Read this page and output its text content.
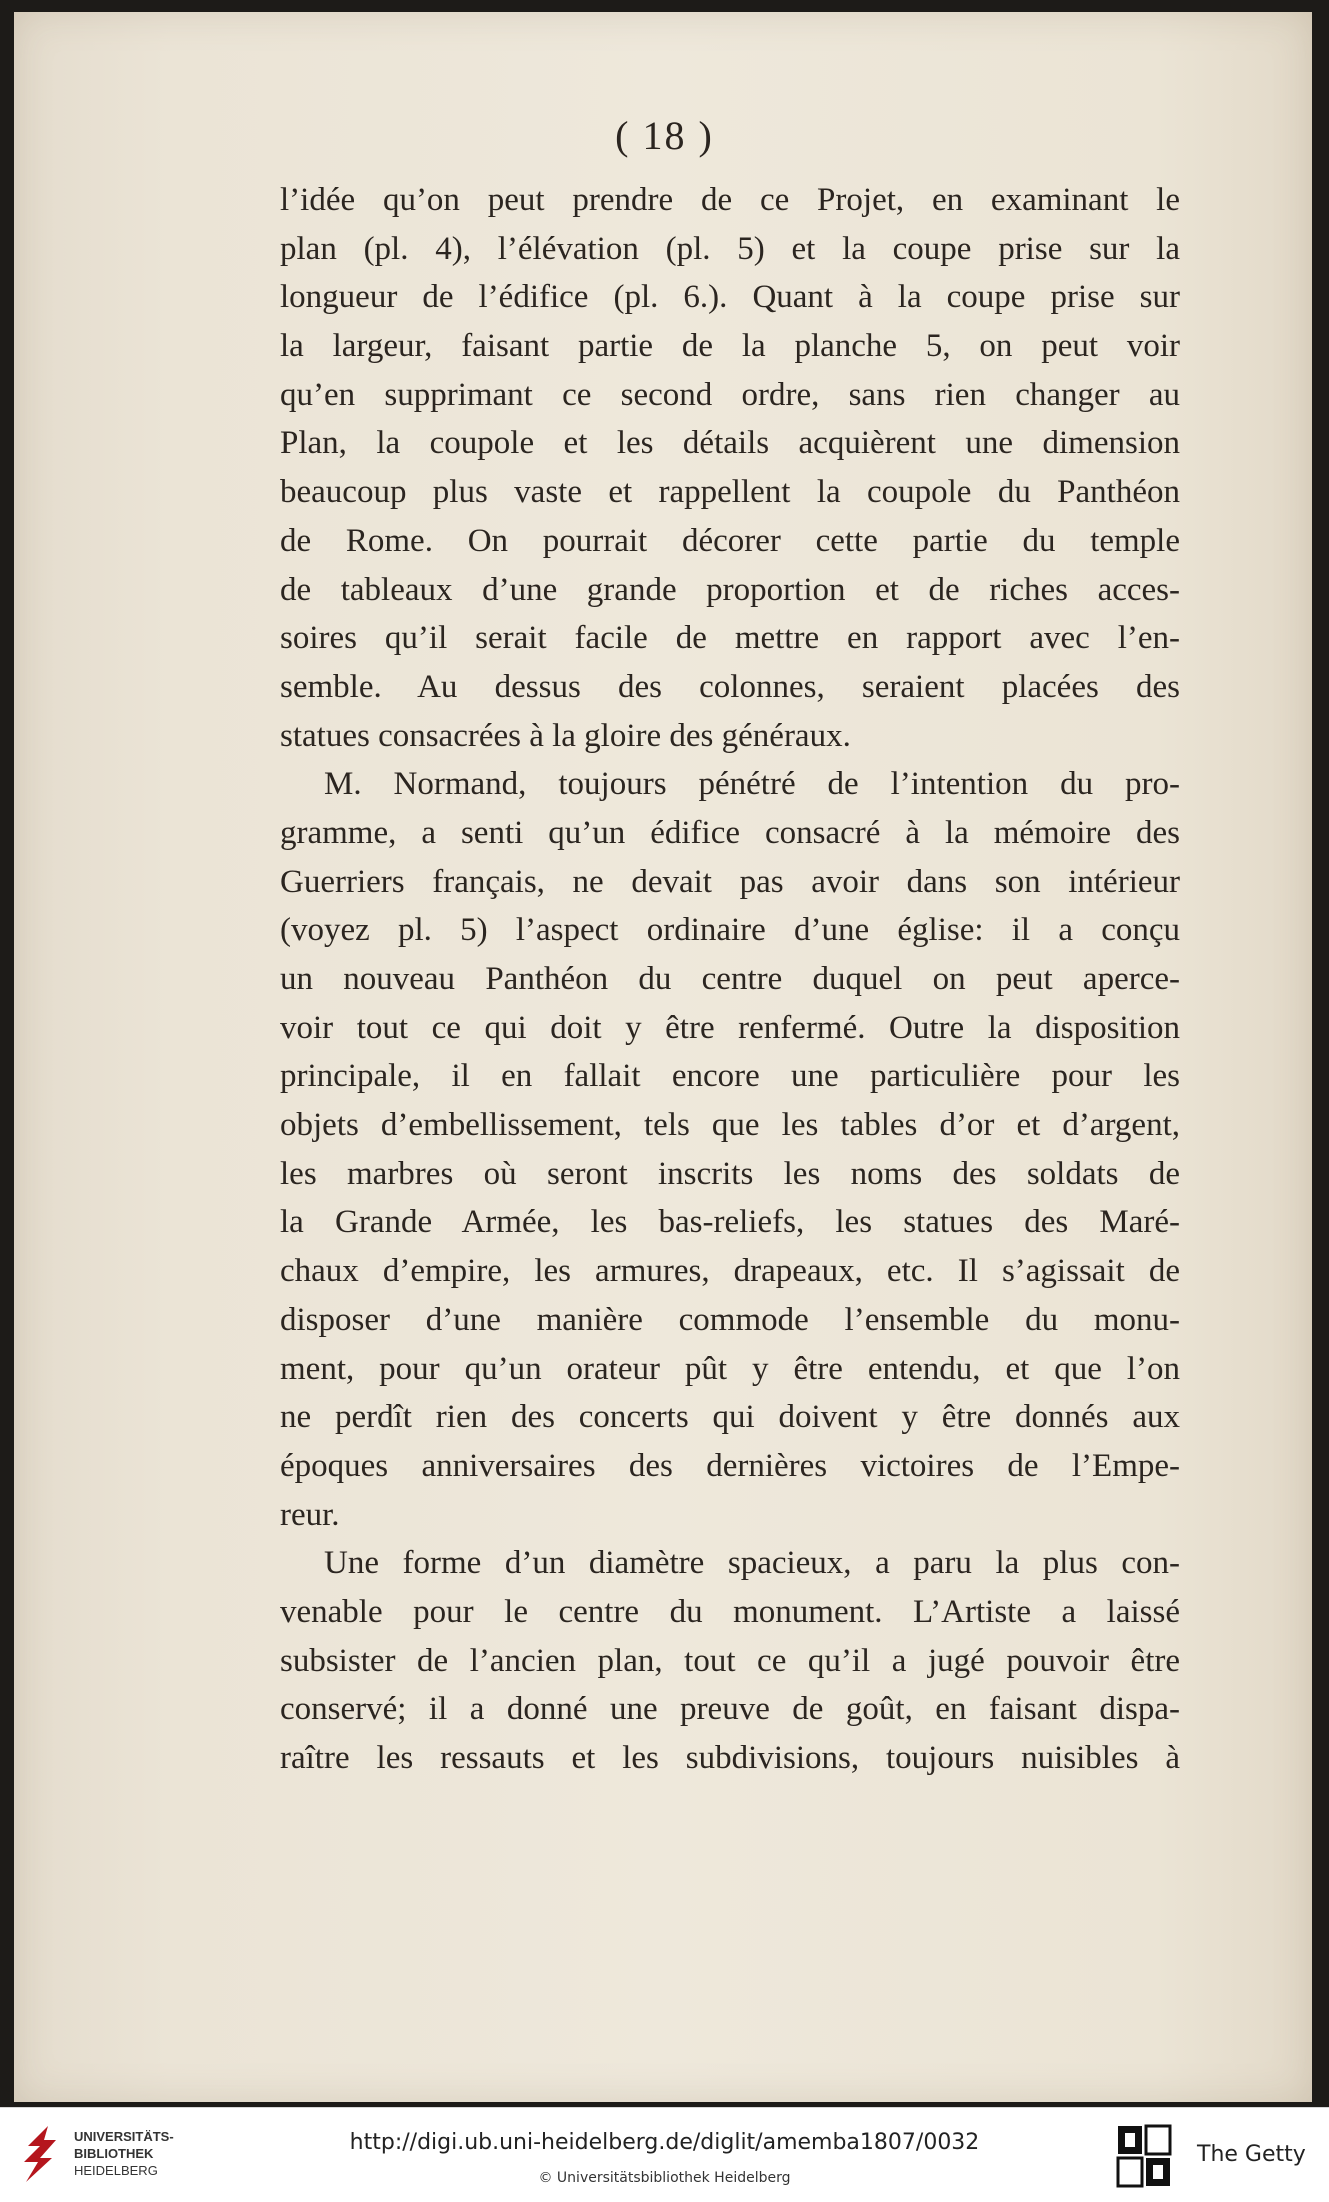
( 18 )
l’idée qu’on peut prendre de ce Projet, en examinant le
plan (pl. 4), l’élévation (pl. 5) et la coupe prise sur la
longueur de l’édifice (pl. 6.). Quant à la coupe prise sur
la largeur, faisant partie de la planche 5, on peut voir
qu’en supprimant ce second ordre, sans rien changer au
Plan, la coupole et les détails acquièrent une dimension
beaucoup plus vaste et rappellent la coupole du Panthéon
de Rome. On pourrait décorer cette partie du temple
de tableaux d’une grande proportion et de riches acces-
soires qu’il serait facile de mettre en rapport avec l’en-
semble. Au dessus des colonnes, seraient placées des
statues consacrées à la gloire des généraux.
M. Normand, toujours pénétré de l’intention du pro-
gramme, a senti qu’un édifice consacré à la mémoire des
Guerriers français, ne devait pas avoir dans son intérieur
(voyez pl. 5) l’aspect ordinaire d’une église: il a conçu
un nouveau Panthéon du centre duquel on peut aperce-
voir tout ce qui doit y être renfermé. Outre la disposition
principale, il en fallait encore une particulière pour les
objets d’embellissement, tels que les tables d’or et d’argent,
les marbres où seront inscrits les noms des soldats de
la Grande Armée, les bas-reliefs, les statues des Maré-
chaux d’empire, les armures, drapeaux, etc. Il s’agissait de
disposer d’une manière commode l’ensemble du monu-
ment, pour qu’un orateur pût y être entendu, et que l’on
ne perdît rien des concerts qui doivent y être donnés aux
époques anniversaires des dernières victoires de l’Empe-
reur.
Une forme d’un diamètre spacieux, a paru la plus con-
venable pour le centre du monument. L’Artiste a laissé
subsister de l’ancien plan, tout ce qu’il a jugé pouvoir être
conservé; il a donné une preuve de goût, en faisant dispa-
raître les ressauts et les subdivisions, toujours nuisibles à
UNIVERSITÄTS-
BIBLIOTHEK
HEIDELBERG
http://digi.ub.uni-heidelberg.de/diglit/amemba1807/0032
© Universitätsbibliothek Heidelberg
The Getty
